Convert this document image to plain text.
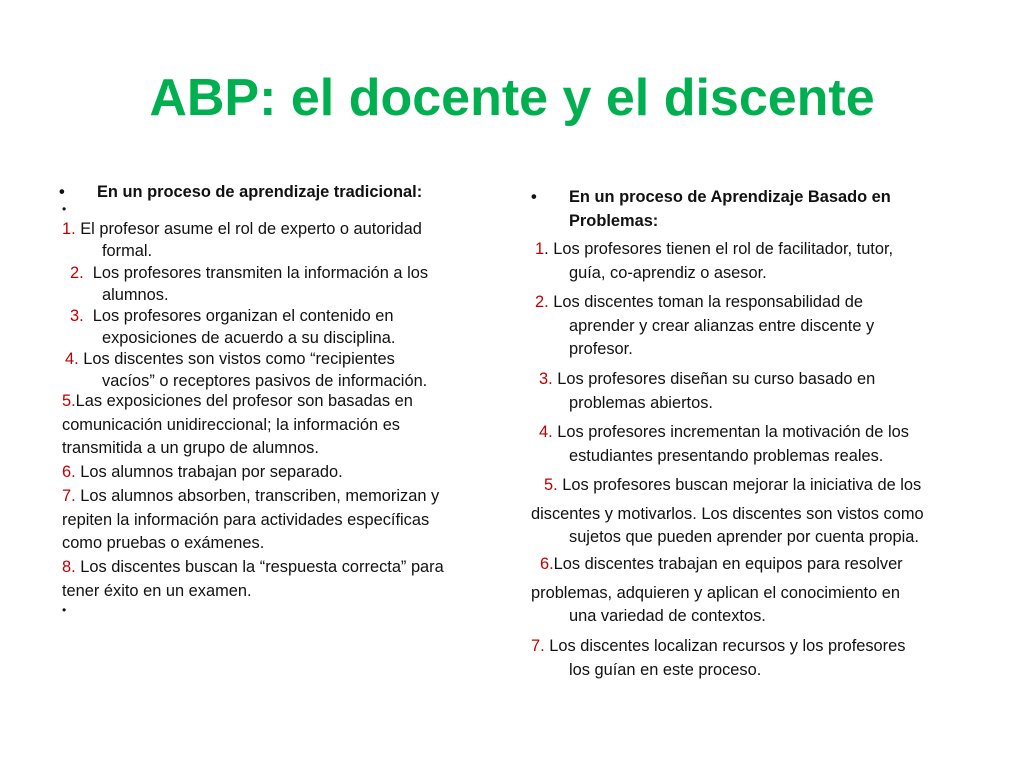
ABP: el docente y el discente
•	En un proceso de aprendizaje tradicional:
•
1. El profesor asume el rol de experto o autoridad
formal.
2. Los profesores transmiten la información a los
alumnos.
3. Los profesores organizan el contenido en
exposiciones de acuerdo a su disciplina.
4. Los discentes son vistos como “recipientes
vacíos” o receptores pasivos de información.
5.Las exposiciones del profesor son basadas en
comunicación unidireccional; la información es
transmitida a un grupo de alumnos.
6. Los alumnos trabajan por separado.
7. Los alumnos absorben, transcriben, memorizan y
repiten la información para actividades específicas
como pruebas o exámenes.
8. Los discentes buscan la “respuesta correcta” para
tener éxito en un examen.
•
•	En un proceso de Aprendizaje Basado en Problemas:
1. Los profesores tienen el rol de facilitador, tutor,
guía, co-aprendiz o asesor.
2. Los discentes toman la responsabilidad de
aprender y crear alianzas entre discente y
profesor.
3. Los profesores diseñan su curso basado en
problemas abiertos.
4. Los profesores incrementan la motivación de los
estudiantes presentando problemas reales.
5. Los profesores buscan mejorar la iniciativa de los
discentes y motivarlos. Los discentes son vistos como
sujetos que pueden aprender por cuenta propia.
6.Los discentes trabajan en equipos para resolver
problemas, adquieren y aplican el conocimiento en
una variedad de contextos.
7. Los discentes localizan recursos y los profesores
los guían en este proceso.
